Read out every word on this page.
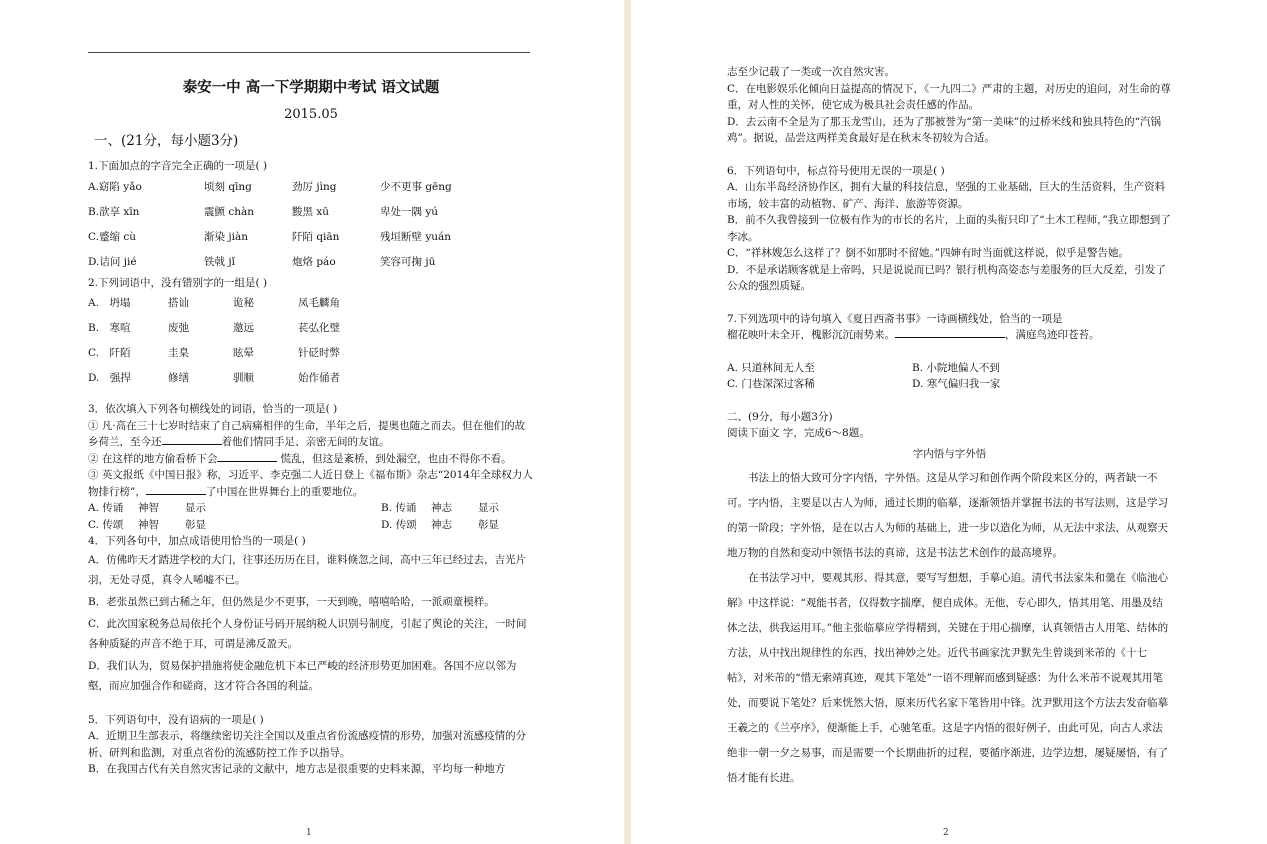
泰安一中 高一下学期期中考试 语文试题
2015.05
一、(21分，每小题3分)
1.下面加点的字音完全正确的一项是( )
A.窈陷 yǎo	顷刻 qīng	劲厉 jìng	少不更事 gēng
B.歆享 xīn	震颤 chàn	黢黑 xū	卑处一隅 yú
C.蹙缩 cù	渐染 jiàn	阡陌 qiān	残垣断壁 yuán
D.诘问 jié	铁戟 jǐ	炮烙 páo	笑容可掬 jū
2.下列词语中，没有错别字的一组是( )
A.　坍塌	搭讪	诡秘	凤毛麟角
B.　寒喧	废弛	邀远	苌弘化璧
C.　阡陌	圭臬	眩晕	针砭时弊
D.　强捍	修缮	驯顺	始作俑者
3．依次填入下列各句横线处的词语，恰当的一项是( )
① 凡·高在三十七岁时结束了自己病痛相伴的生命，半年之后，提奥也随之而去。但在他们的故乡荷兰，至今还	着他们情同手足、亲密无间的友谊。
② 在这样的地方偷看桥下会	慌乱，但这是紊桥，到处漏空，也由不得你不看。
③ 英文报纸《中国日报》称，习近平、李克强二人近日登上《福布斯》杂志“2014年全球权力人物排行榜”，	了中国在世界舞台上的重要地位。
A. 传诵	神智	显示	B. 传诵	神志	显示
C. 传颂	神智	彰显	D. 传颂	神志	彰显
4．下列各句中，加点成语使用恰当的一项是( )
A．仿佛昨天才踏进学校的大门，往事还历历在目，谁料倏忽之间，高中三年已经过去，吉光片羽，无处寻觅，真令人唏嘘不已。
B．老张虽然已到古稀之年，但仍然是少不更事，一天到晚，嘻嘻哈哈，一派顽童模样。
C．此次国家税务总局依托个人身份证号码开展纳税人识别号制度，引起了舆论的关注，一时间各种质疑的声音不绝于耳，可谓是沸反盈天。
D．我们认为，贸易保护措施将使金融危机下本已严峻的经济形势更加困难。各国不应以邻为壑，而应加强合作和磋商，这才符合各国的利益。
5．下列语句中，没有语病的一项是( )
A．近期卫生部表示，将继续密切关注全国以及重点省份流感疫情的形势，加强对流感疫情的分析、研判和监测，对重点省份的流感防控工作予以指导。
B．在我国古代有关自然灾害记录的文献中，地方志是很重要的史料来源，平均每一种地方
1
志至少记载了一类或一次自然灾害。
C．在电影娱乐化倾向日益提高的情况下，《一九四二》严肃的主题，对历史的追问，对生命的尊重，对人性的关怀，使它成为极具社会责任感的作品。
D．去云南不全是为了那玉龙雪山，还为了那被誉为“第一美味”的过桥米线和独具特色的“汽锅鸡”。据说，品尝这两样美食最好是在秋末冬初较为合适。
6．下列语句中，标点符号使用无误的一项是( )
A．山东半岛经济协作区，拥有大量的科技信息，坚强的工业基础，巨大的生活资料，生产资料市场，较丰富的动植物、矿产、海洋、旅游等资源。
B．前不久我曾接到一位极有作为的市长的名片，上面的头衔只印了“土木工程师，”我立即想到了李冰。
C．“祥林嫂怎么这样了？倒不如那时不留她。”四婶有时当面就这样说，似乎是警告她。
D．不是承诺顾客就是上帝吗，只是说说而已吗？银行机构高姿态与差服务的巨大反差，引发了公众的强烈质疑。
7.下列选项中的诗句填入《夏日西斋书事》一诗画横线处，恰当的一项是
榴花映叶未全开，槐影沉沉雨势来。	，满庭鸟迹印苍苔。
A. 只道林间无人至	B. 小院地偏人不到
C. 门巷深深过客稀	D. 寒气偏归我一家
二、(9分，每小题3分)
阅读下面文 字，完成6～8题。
字内悟与字外悟
书法上的悟大致可分字内悟，字外悟。这是从学习和创作两个阶段来区分的，两者缺一不可。字内悟，主要是以古人为师，通过长期的临摹，逐渐领悟并掌握书法的书写法则，这是学习的第一阶段；字外悟，是在以古人为师的基础上，进一步以造化为师，从无法中求法，从观察天地万物的自然和变动中领悟书法的真谛，这是书法艺术创作的最高境界。
在书法学习中，要观其形、得其意，要写写想想，手摹心追。清代书法家朱和羹在《临池心解》中这样说：“观能书者，仅得数字揣摩，便自成体。无他，专心即久，悟其用笔、用墨及结体之法，供我运用耳。”他主张临摹应学得精到，关键在于用心揣摩，认真领悟古人用笔、结体的方法，从中找出规律性的东西，找出神妙之处。近代书画家沈尹默先生曾谈到米芾的《十七帖》，对米芾的“惜无索靖真迹，观其下笔处”一语不理解而感到疑惑：为什么米芾不说观其用笔处，而要说下笔处？后来恍然大悟，原来历代名家下笔皆用中锋。沈尹默用这个方法去发奋临摹王羲之的《兰亭序》，便渐能上手，心驰笔重。这是字内悟的很好例子，由此可见，向古人求法绝非一朝一夕之易事，而是需要一个长期曲折的过程，要循序渐进，边学边想，屡疑屡悟，有了悟才能有长进。
2
